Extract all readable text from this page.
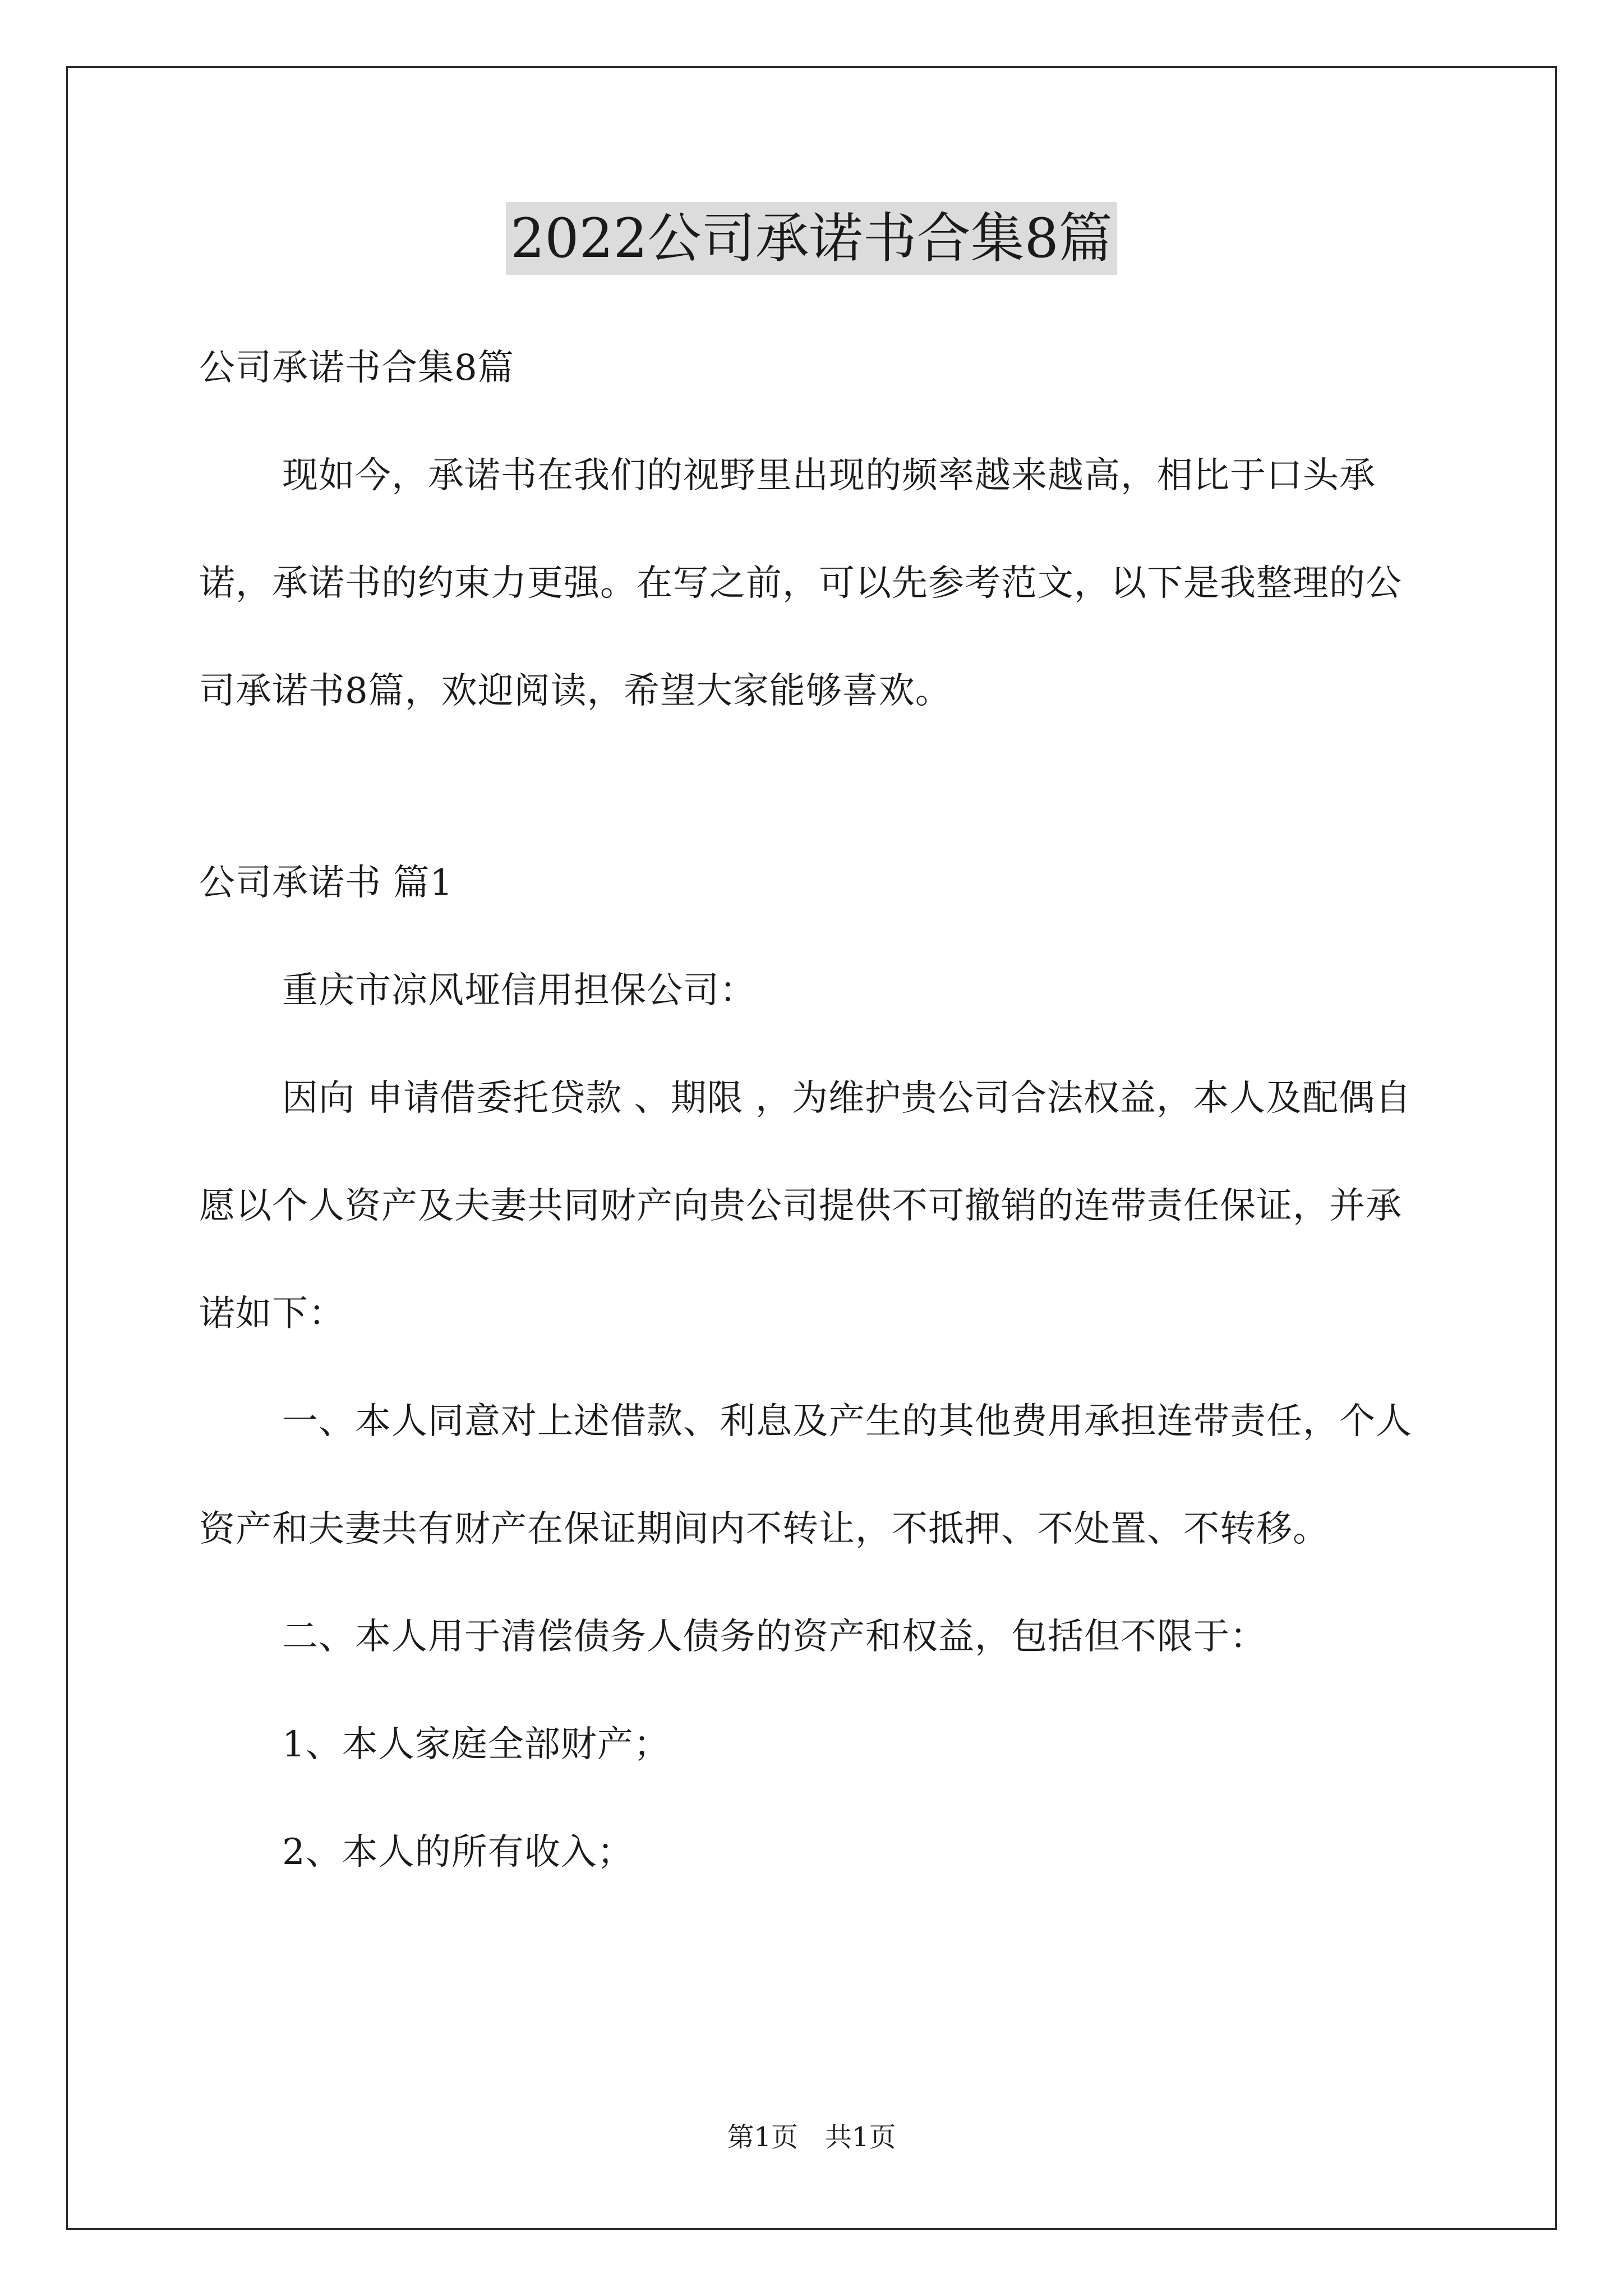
2022公司承诺书合集8篇

公司承诺书合集8篇

现如今，承诺书在我们的视野里出现的频率越来越高，相比于口头承诺，承诺书的约束力更强。在写之前，可以先参考范文，以下是我整理的公司承诺书8篇，欢迎阅读，希望大家能够喜欢。

公司承诺书 篇1

重庆市凉风垭信用担保公司：

因向 申请借委托贷款 、期限 ，为维护贵公司合法权益，本人及配偶自愿以个人资产及夫妻共同财产向贵公司提供不可撤销的连带责任保证，并承诺如下：

一、本人同意对上述借款、利息及产生的其他费用承担连带责任，个人资产和夫妻共有财产在保证期间内不转让，不抵押、不处置、不转移。

二、本人用于清偿债务人债务的资产和权益，包括但不限于：

1、本人家庭全部财产；

2、本人的所有收入；

第1页　共1页
